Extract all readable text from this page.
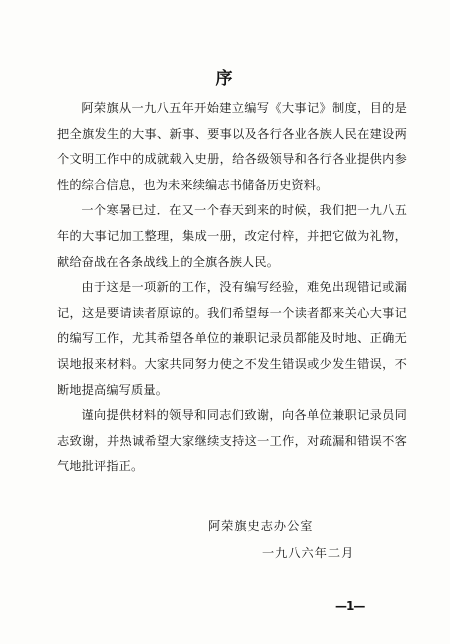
序

阿荣旗从一九八五年开始建立编写《大事记》制度，目的是把全旗发生的大事、新事、要事以及各行各业各族人民在建设两个文明工作中的成就载入史册，给各级领导和各行各业提供内参性的综合信息，也为未来续编志书储备历史资料。

一个寒暑已过．在又一个春天到来的时候，我们把一九八五年的大事记加工整理，集成一册，改定付梓，并把它做为礼物，献给奋战在各条战线上的全旗各族人民。

由于这是一项新的工作，没有编写经验，难免出现错记或漏记，这是要请读者原谅的。我们希望每一个读者都来关心大事记的编写工作，尤其希望各单位的兼职记录员都能及时地、正确无误地报来材料。大家共同努力使之不发生错误或少发生错误，不断地提高编写质量。

谨向提供材料的领导和同志们致谢，向各单位兼职记录员同志致谢，并热诚希望大家继续支持这一工作，对疏漏和错误不客气地批评指正。

阿荣旗史志办公室
一九八六年二月
—1—
